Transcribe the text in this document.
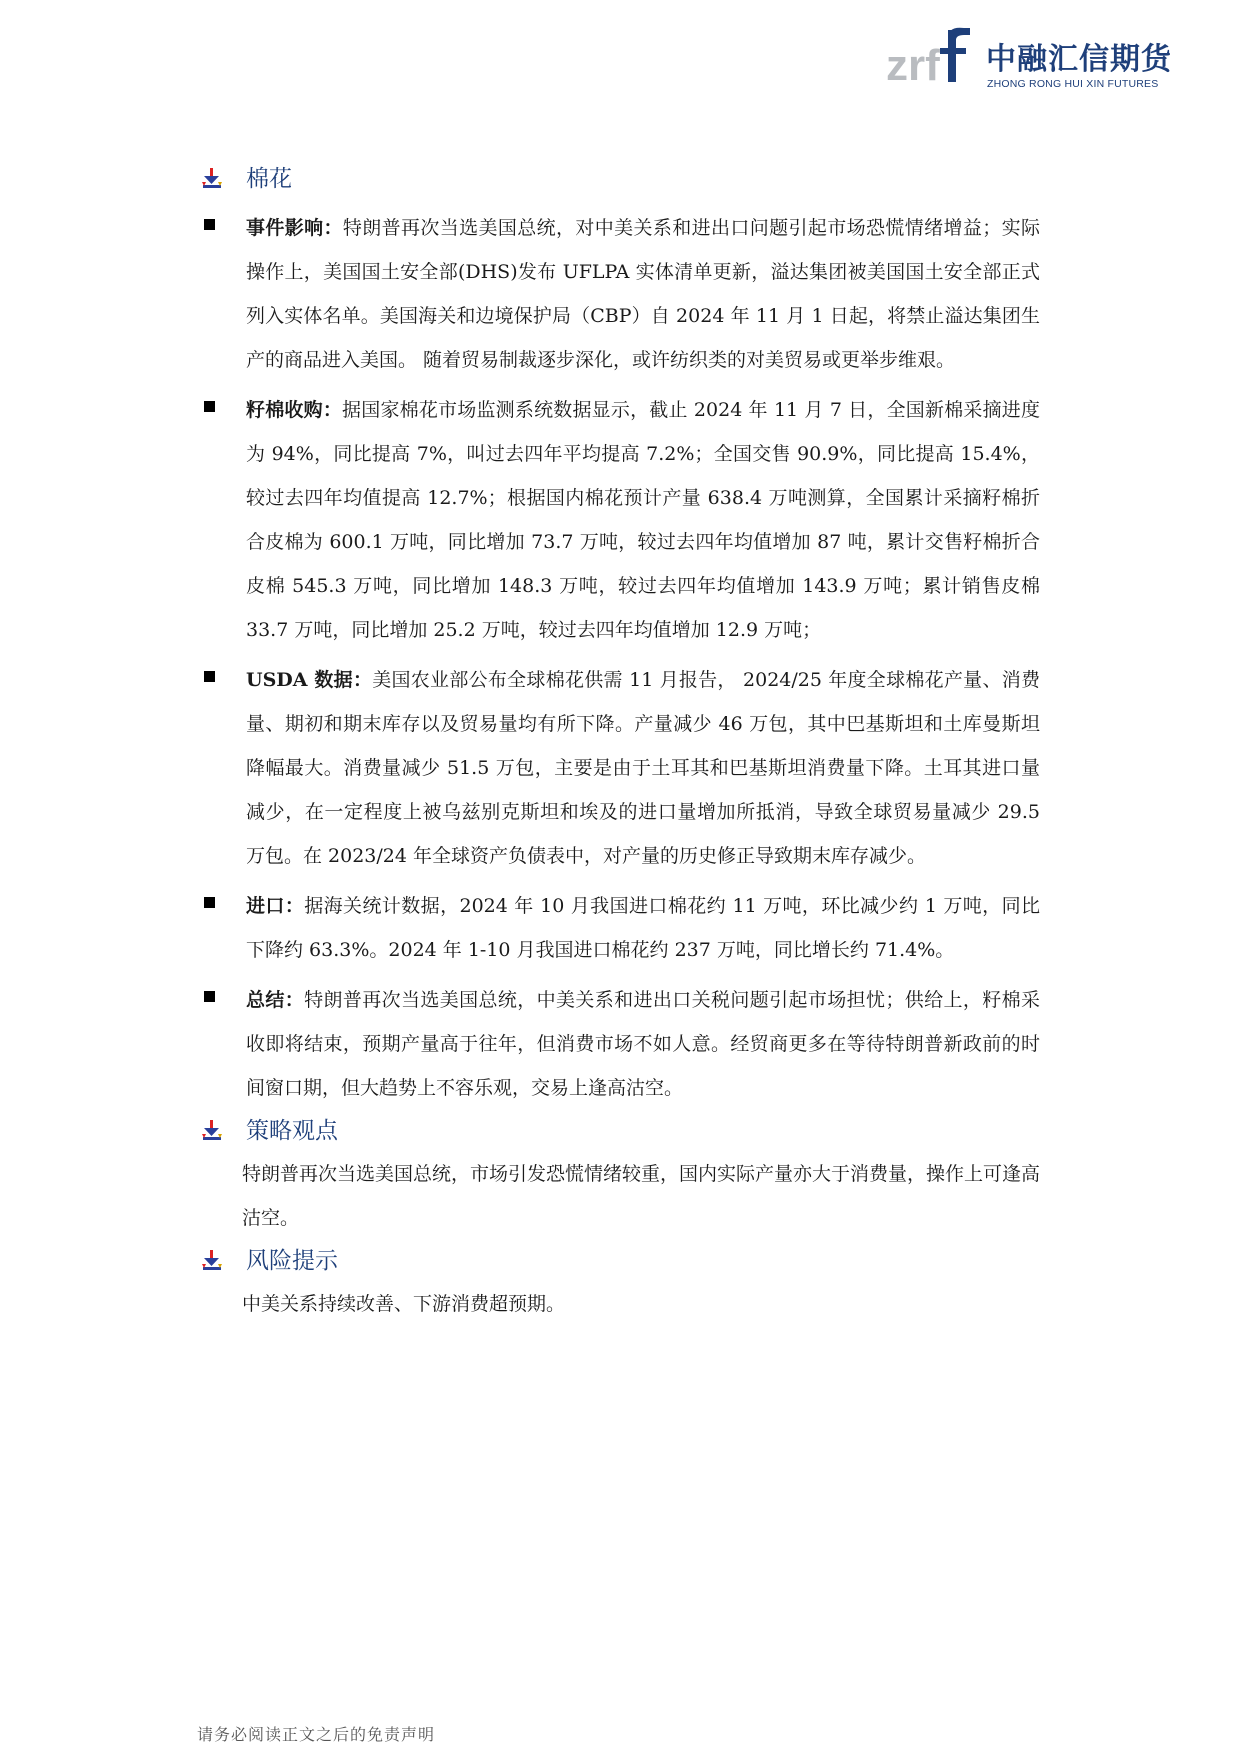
zrf 中融汇信期货
ZHONG RONG HUI XIN FUTURES
棉花

事件影响：特朗普再次当选美国总统，对中美关系和进出口问题引起市场恐慌情绪增益；实际操作上，美国国土安全部(DHS)发布 UFLPA 实体清单更新，溢达集团被美国国土安全部正式列入实体名单。美国海关和边境保护局（CBP）自 2024 年 11 月 1 日起，将禁止溢达集团生产的商品进入美国。 随着贸易制裁逐步深化，或许纺织类的对美贸易或更举步维艰。

籽棉收购：据国家棉花市场监测系统数据显示，截止 2024 年 11 月 7 日，全国新棉采摘进度为 94%，同比提高 7%，叫过去四年平均提高 7.2%；全国交售 90.9%，同比提高 15.4%，较过去四年均值提高 12.7%；根据国内棉花预计产量 638.4 万吨测算，全国累计采摘籽棉折合皮棉为 600.1 万吨，同比增加 73.7 万吨，较过去四年均值增加 87 吨，累计交售籽棉折合皮棉 545.3 万吨，同比增加 148.3 万吨，较过去四年均值增加 143.9 万吨；累计销售皮棉 33.7 万吨，同比增加 25.2 万吨，较过去四年均值增加 12.9 万吨；

USDA 数据：美国农业部公布全球棉花供需 11 月报告， 2024/25 年度全球棉花产量、消费量、期初和期末库存以及贸易量均有所下降。产量减少 46 万包，其中巴基斯坦和土库曼斯坦降幅最大。消费量减少 51.5 万包，主要是由于土耳其和巴基斯坦消费量下降。土耳其进口量减少，在一定程度上被乌兹别克斯坦和埃及的进口量增加所抵消，导致全球贸易量减少 29.5 万包。在 2023/24 年全球资产负债表中，对产量的历史修正导致期末库存减少。

进口：据海关统计数据，2024 年 10 月我国进口棉花约 11 万吨，环比减少约 1 万吨，同比下降约 63.3%。2024 年 1-10 月我国进口棉花约 237 万吨，同比增长约 71.4%。

总结：特朗普再次当选美国总统，中美关系和进出口关税问题引起市场担忧；供给上，籽棉采收即将结束，预期产量高于往年，但消费市场不如人意。经贸商更多在等待特朗普新政前的时间窗口期，但大趋势上不容乐观，交易上逢高沽空。

策略观点

特朗普再次当选美国总统，市场引发恐慌情绪较重，国内实际产量亦大于消费量，操作上可逢高沽空。

风险提示

中美关系持续改善、下游消费超预期。

请务必阅读正文之后的免责声明
